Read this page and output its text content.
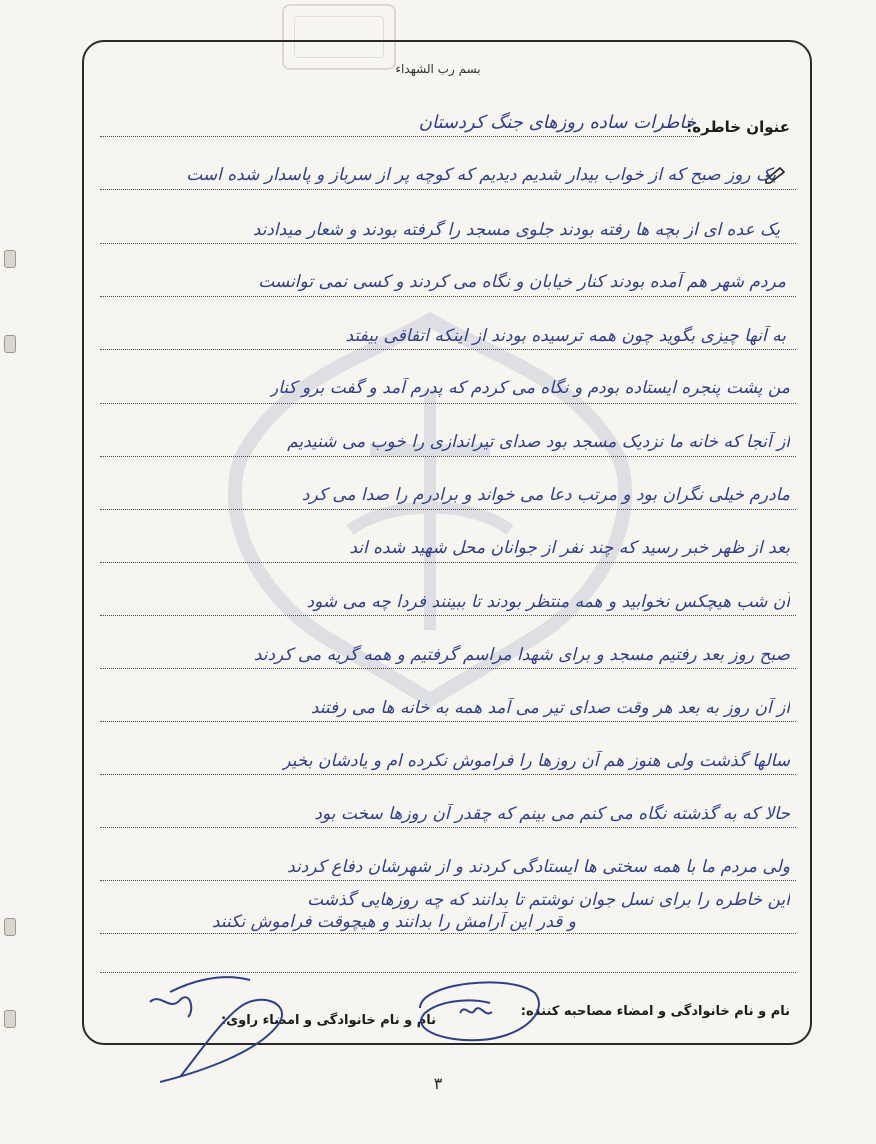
بسم رب الشهداء
عنوان خاطره:
خاطرات ساده روزهای جنگ کردستان
یک روز صبح که از خواب بیدار شدیم دیدیم که کوچه پر از سرباز و پاسدار شده است
یک عده ای از بچه ها رفته بودند جلوی مسجد را گرفته بودند و شعار میدادند
مردم شهر هم آمده بودند کنار خیابان و نگاه می کردند و کسی نمی توانست
به آنها چیزی بگوید چون همه ترسیده بودند از اینکه اتفاقی بیفتد
من پشت پنجره ایستاده بودم و نگاه می کردم که پدرم آمد و گفت برو کنار
از آنجا که خانه ما نزدیک مسجد بود صدای تیراندازی را خوب می شنیدیم
مادرم خیلی نگران بود و مرتب دعا می خواند و برادرم را صدا می کرد
بعد از ظهر خبر رسید که چند نفر از جوانان محل شهید شده اند
آن شب هیچکس نخوابید و همه منتظر بودند تا ببینند فردا چه می شود
صبح روز بعد رفتیم مسجد و برای شهدا مراسم گرفتیم و همه گریه می کردند
از آن روز به بعد هر وقت صدای تیر می آمد همه به خانه ها می رفتند
سالها گذشت ولی هنوز هم آن روزها را فراموش نکرده ام و یادشان بخیر
حالا که به گذشته نگاه می کنم می بینم که چقدر آن روزها سخت بود
ولی مردم ما با همه سختی ها ایستادگی کردند و از شهرشان دفاع کردند
این خاطره را برای نسل جوان نوشتم تا بدانند که چه روزهایی گذشت
و قدر این آرامش را بدانند و هیچوقت فراموش نکنند
نام و نام خانوادگی و امضاء مصاحبه کننده:
نام و نام خانوادگی و امضاء راوی:
٣
